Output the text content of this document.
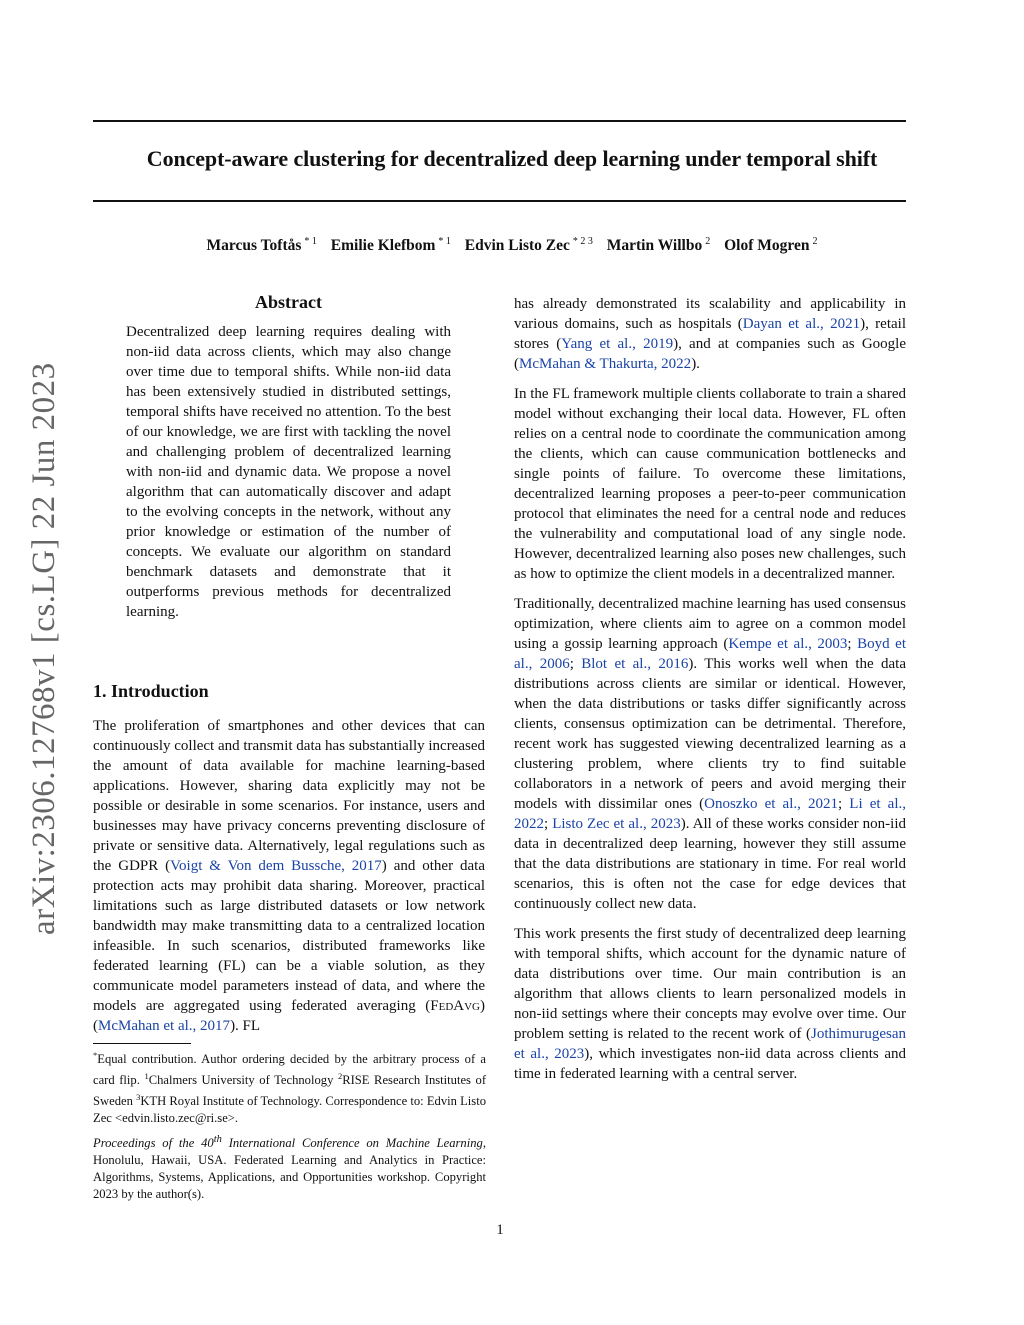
arXiv:2306.12768v1 [cs.LG] 22 Jun 2023
Concept-aware clustering for decentralized deep learning under temporal shift
Marcus Toftås $^{* 1}$ Emilie Klefbom $^{* 1}$ Edvin Listo Zec $^{* 2 3}$ Martin Willbo $^2$ Olof Mogren $^2$
Abstract

Decentralized deep learning requires dealing with non-iid data across clients, which may also change over time due to temporal shifts. While non-iid data has been extensively studied in distributed settings, temporal shifts have received no attention. To the best of our knowledge, we are first with tackling the novel and challenging problem of decentralized learning with non-iid and dynamic data. We propose a novel algorithm that can automatically discover and adapt to the evolving concepts in the network, without any prior knowledge or estimation of the number of concepts. We evaluate our algorithm on standard benchmark datasets and demonstrate that it outperforms previous methods for decentralized learning.

1. Introduction

The proliferation of smartphones and other devices that can continuously collect and transmit data has substantially increased the amount of data available for machine learning-based applications. However, sharing data explicitly may not be possible or desirable in some scenarios. For instance, users and businesses may have privacy concerns preventing disclosure of private or sensitive data. Alternatively, legal regulations such as the GDPR (Voigt & Von dem Bussche, 2017) and other data protection acts may prohibit data sharing. Moreover, practical limitations such as large distributed datasets or low network bandwidth may make transmitting data to a centralized location infeasible. In such scenarios, distributed frameworks like federated learning (FL) can be a viable solution, as they communicate model parameters instead of data, and where the models are aggregated using federated averaging (FedAvg) (McMahan et al., 2017). FL

*Equal contribution. Author ordering decided by the arbitrary process of a card flip. $^1$Chalmers University of Technology $^2$RISE Research Institutes of Sweden $^3$KTH Royal Institute of Technology. Correspondence to: Edvin Listo Zec <edvin.listo.zec@ri.se>.
Proceedings of the 40th International Conference on Machine Learning, Honolulu, Hawaii, USA. Federated Learning and Analytics in Practice: Algorithms, Systems, Applications, and Opportunities workshop. Copyright 2023 by the author(s).

has already demonstrated its scalability and applicability in various domains, such as hospitals (Dayan et al., 2021), retail stores (Yang et al., 2019), and at companies such as Google (McMahan & Thakurta, 2022).

In the FL framework multiple clients collaborate to train a shared model without exchanging their local data. However, FL often relies on a central node to coordinate the communication among the clients, which can cause communication bottlenecks and single points of failure. To overcome these limitations, decentralized learning proposes a peer-to-peer communication protocol that eliminates the need for a central node and reduces the vulnerability and computational load of any single node. However, decentralized learning also poses new challenges, such as how to optimize the client models in a decentralized manner.

Traditionally, decentralized machine learning has used consensus optimization, where clients aim to agree on a common model using a gossip learning approach (Kempe et al., 2003; Boyd et al., 2006; Blot et al., 2016). This works well when the data distributions across clients are similar or identical. However, when the data distributions or tasks differ significantly across clients, consensus optimization can be detrimental. Therefore, recent work has suggested viewing decentralized learning as a clustering problem, where clients try to find suitable collaborators in a network of peers and avoid merging their models with dissimilar ones (Onoszko et al., 2021; Li et al., 2022; Listo Zec et al., 2023). All of these works consider non-iid data in decentralized deep learning, however they still assume that the data distributions are stationary in time. For real world scenarios, this is often not the case for edge devices that continuously collect new data.

This work presents the first study of decentralized deep learning with temporal shifts, which account for the dynamic nature of data distributions over time. Our main contribution is an algorithm that allows clients to learn personalized models in non-iid settings where their concepts may evolve over time. Our problem setting is related to the recent work of (Jothimurugesan et al., 2023), which investigates non-iid data across clients and time in federated learning with a central server.

1
